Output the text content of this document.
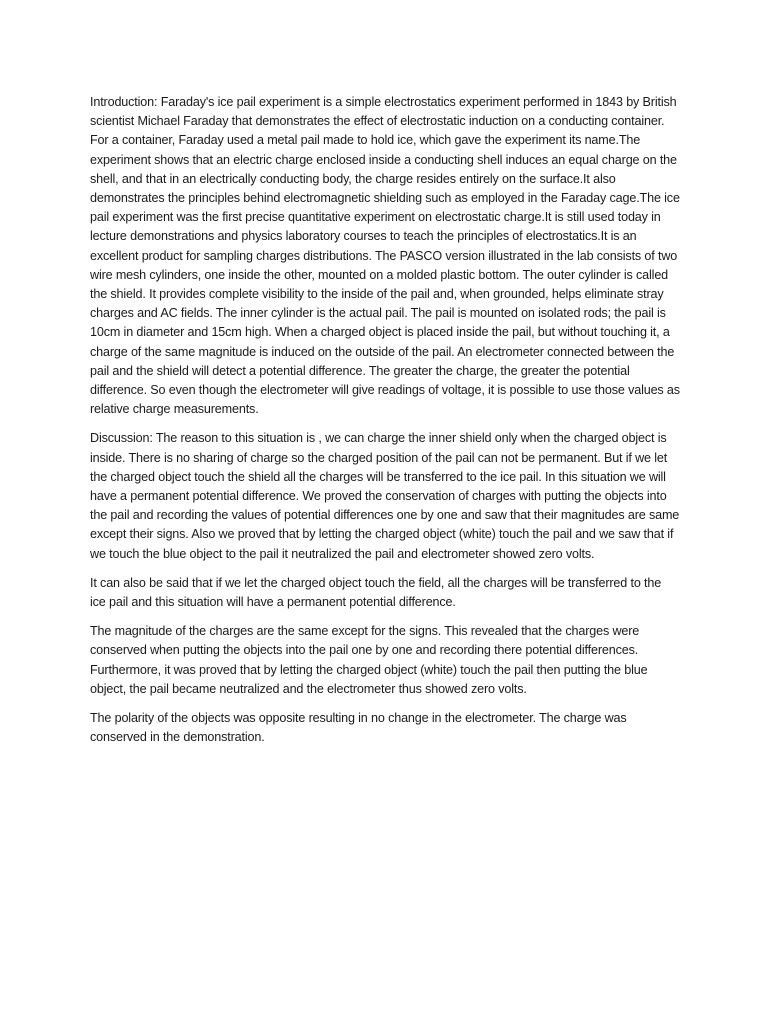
Introduction: Faraday's ice pail experiment is a simple electrostatics experiment performed in 1843 by British scientist Michael Faraday that demonstrates the effect of electrostatic induction on a conducting container. For a container, Faraday used a metal pail made to hold ice, which gave the experiment its name.The experiment shows that an electric charge enclosed inside a conducting shell induces an equal charge on the shell, and that in an electrically conducting body, the charge resides entirely on the surface.It also demonstrates the principles behind electromagnetic shielding such as employed in the Faraday cage.The ice pail experiment was the first precise quantitative experiment on electrostatic charge.It is still used today in lecture demonstrations and physics laboratory courses to teach the principles of electrostatics.It is an excellent product for sampling charges distributions. The PASCO version illustrated in the lab consists of two wire mesh cylinders, one inside the other, mounted on a molded plastic bottom. The outer cylinder is called the shield. It provides complete visibility to the inside of the pail and, when grounded, helps eliminate stray charges and AC fields. The inner cylinder is the actual pail. The pail is mounted on isolated rods; the pail is 10cm in diameter and 15cm high. When a charged object is placed inside the pail, but without touching it, a charge of the same magnitude is induced on the outside of the pail. An electrometer connected between the pail and the shield will detect a potential difference. The greater the charge, the greater the potential difference. So even though the electrometer will give readings of voltage, it is possible to use those values as relative charge measurements.

Discussion: The reason to this situation is , we can charge the inner shield only when the charged object is inside. There is no sharing of charge so the charged position of the pail can not be permanent. But if we let the charged object touch the shield all the charges will be transferred to the ice pail. In this situation we will have a permanent potential difference. We proved the conservation of charges with putting the objects into the pail and recording the values of potential differences one by one and saw that their magnitudes are same except their signs. Also we proved that by letting the charged object (white) touch the pail and we saw that if we touch the blue object to the pail it neutralized the pail and electrometer showed zero volts.

It can also be said that if we let the charged object touch the field, all the charges will be transferred to the ice pail and this situation will have a permanent potential difference.

The magnitude of the charges are the same except for the signs. This revealed that the charges were conserved when putting the objects into the pail one by one and recording there potential differences. Furthermore, it was proved that by letting the charged object (white) touch the pail then putting the blue object, the pail became neutralized and the electrometer thus showed zero volts.

The polarity of the objects was opposite resulting in no change in the electrometer. The charge was conserved in the demonstration.
